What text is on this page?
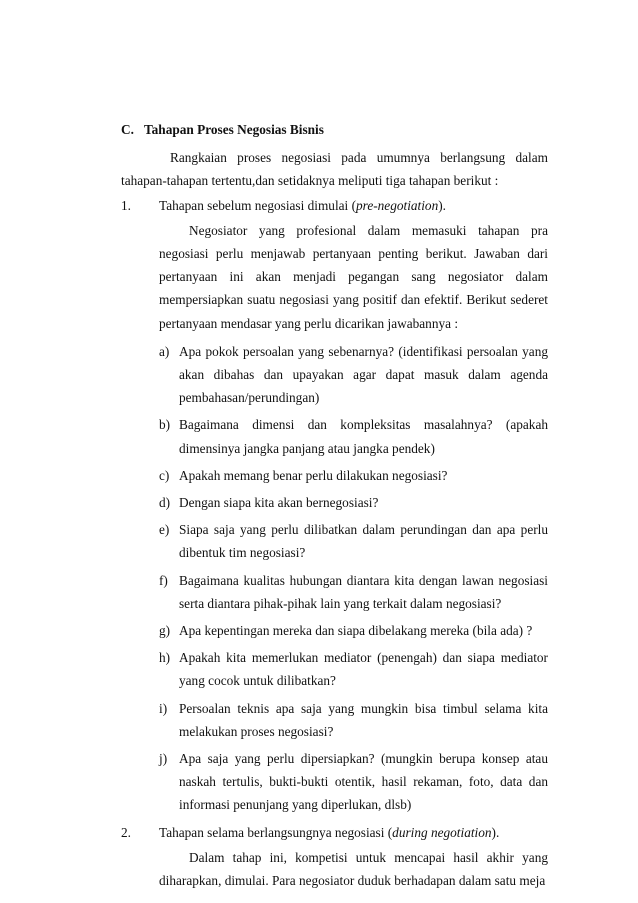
C. Tahapan Proses Negosias Bisnis

Rangkaian proses negosiasi pada umumnya berlangsung dalam tahapan-tahapan tertentu,dan setidaknya meliputi tiga tahapan berikut :

1. Tahapan sebelum negosiasi dimulai (pre-negotiation).

Negosiator yang profesional dalam memasuki tahapan pra negosiasi perlu menjawab pertanyaan penting berikut. Jawaban dari pertanyaan ini akan menjadi pegangan sang negosiator dalam mempersiapkan suatu negosiasi yang positif dan efektif. Berikut sederet pertanyaan mendasar yang perlu dicarikan jawabannya :

a) Apa pokok persoalan yang sebenarnya? (identifikasi persoalan yang akan dibahas dan upayakan agar dapat masuk dalam agenda pembahasan/perundingan)
b) Bagaimana dimensi dan kompleksitas masalahnya? (apakah dimensinya jangka panjang atau jangka pendek)
c) Apakah memang benar perlu dilakukan negosiasi?
d) Dengan siapa kita akan bernegosiasi?
e) Siapa saja yang perlu dilibatkan dalam perundingan dan apa perlu dibentuk tim negosiasi?
f) Bagaimana kualitas hubungan diantara kita dengan lawan negosiasi serta diantara pihak-pihak lain yang terkait dalam negosiasi?
g) Apa kepentingan mereka dan siapa dibelakang mereka (bila ada) ?
h) Apakah kita memerlukan mediator (penengah) dan siapa mediator yang cocok untuk dilibatkan?
i) Persoalan teknis apa saja yang mungkin bisa timbul selama kita melakukan proses negosiasi?
j) Apa saja yang perlu dipersiapkan? (mungkin berupa konsep atau naskah tertulis, bukti-bukti otentik, hasil rekaman, foto, data dan informasi penunjang yang diperlukan, dlsb)
2. Tahapan selama berlangsungnya negosiasi (during negotiation).

Dalam tahap ini, kompetisi untuk mencapai hasil akhir yang diharapkan, dimulai. Para negosiator duduk berhadapan dalam satu meja
